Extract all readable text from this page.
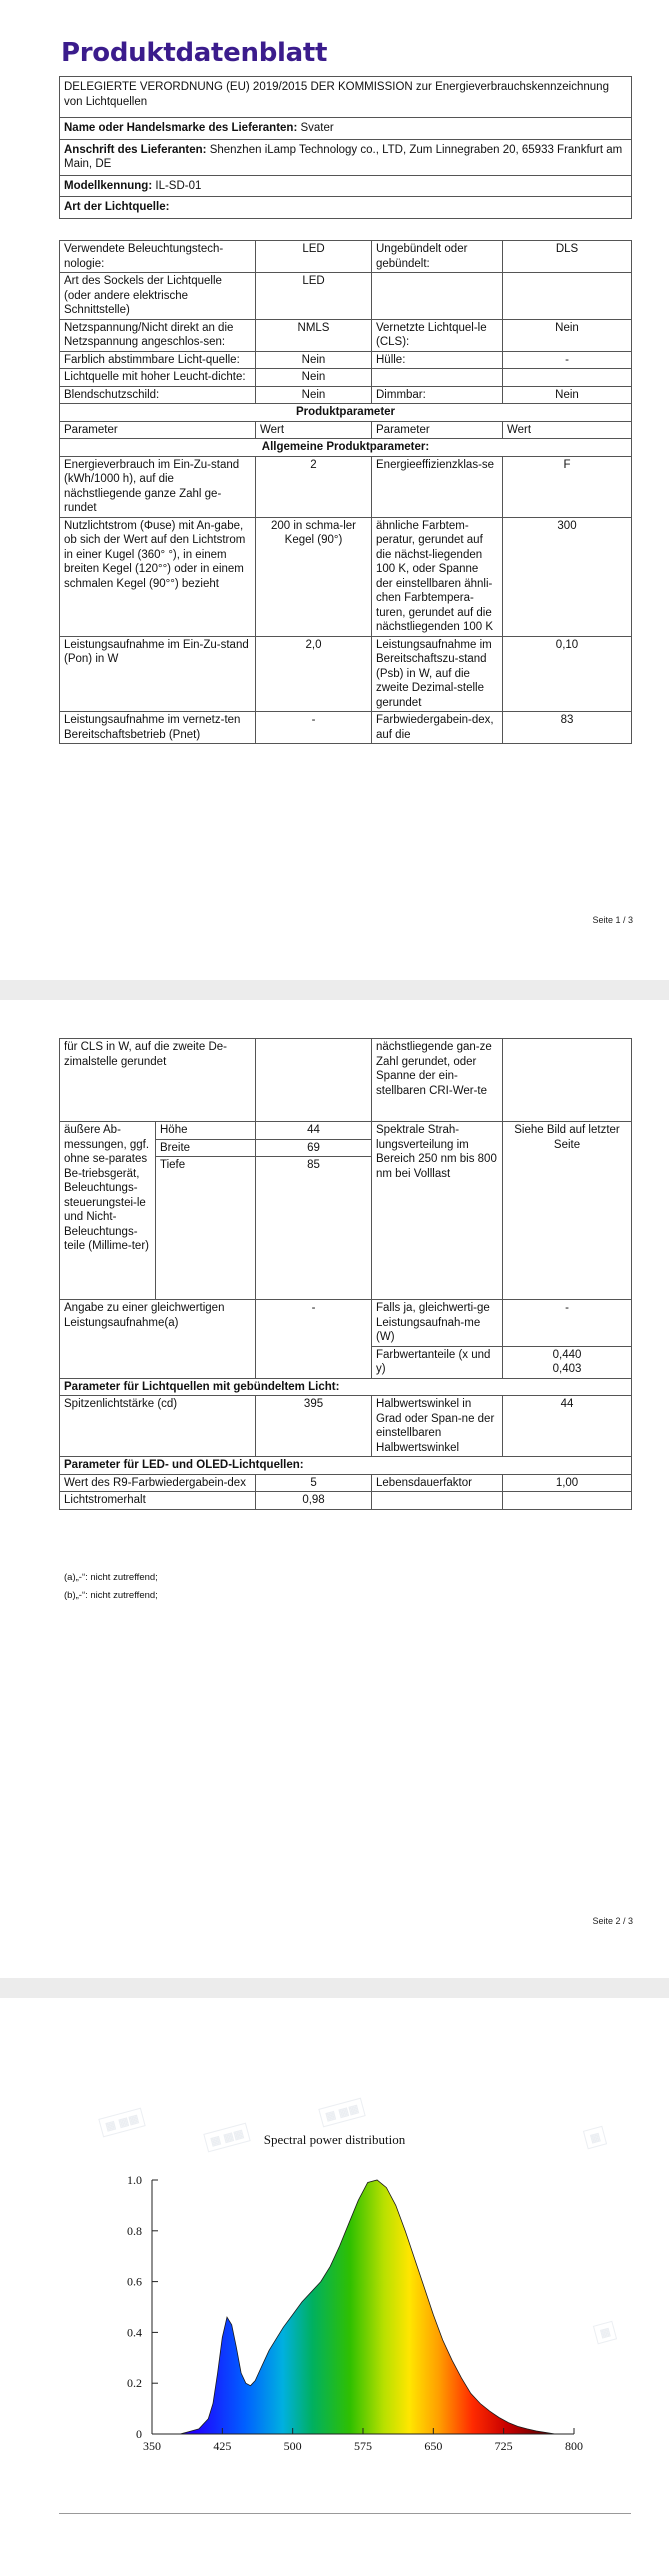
Produktdatenblatt
DELEGIERTE VERORDNUNG (EU) 2019/2015 DER KOMMISSION zur Energieverbrauchskennzeichnung von Lichtquellen
Name oder Handelsmarke des Lieferanten: Svater
Anschrift des Lieferanten: Shenzhen iLamp Technology co., LTD, Zum Linnegraben 20, 65933 Frankfurt am Main, DE
Modellkennung: IL-SD-01
Art der Lichtquelle:
Verwendete Beleuchtungstech-nologie:	LED	Ungebündelt oder gebündelt:	DLS
Art des Sockels der Lichtquelle (oder andere elektrische Schnittstelle)	LED		
Netzspannung/Nicht direkt an die Netzspannung angeschlos-sen:	NMLS	Vernetzte Lichtquel-le (CLS):	Nein
Farblich abstimmbare Licht-quelle:	Nein	Hülle:	-
Lichtquelle mit hoher Leucht-dichte:	Nein		
Blendschutzschild:	Nein	Dimmbar:	Nein
Produktparameter			
Parameter	Wert	Parameter	Wert
Allgemeine Produktparameter:			
Energieverbrauch im Ein-Zu-stand (kWh/1000 h), auf die nächstliegende ganze Zahl ge-rundet	2	Energieeffizienzklas-se	F
Nutzlichtstrom (Φuse) mit An-gabe, ob sich der Wert auf den Lichtstrom in einer Kugel (360° °), in einem breiten Kegel (120°°) oder in einem schmalen Kegel (90°°) bezieht	200 in schma-ler Kegel (90°)	ähnliche Farbtem-peratur, gerundet auf die nächst-liegenden 100 K, oder Spanne der einstellbaren ähnli-chen Farbtempera-turen, gerundet auf die nächstliegenden 100 K	300
Leistungsaufnahme im Ein-Zu-stand (Pon) in W	2,0	Leistungsaufnahme im Bereitschaftszu-stand (Psb) in W, auf die zweite Dezimal-stelle gerundet	0,10
Leistungsaufnahme im vernetz-ten Bereitschaftsbetrieb (Pnet)	-	Farbwiedergabein-dex, auf die	83
Seite 1 / 3
für CLS in W, auf die zweite De-zimalstelle gerundet			nächstliegende gan-ze Zahl gerundet, oder Spanne der ein-stellbaren CRI-Wer-te	
äußere Ab-messungen, ggf. ohne se-parates Be-triebsgerät, Beleuchtungs-steuerungstei-le und Nicht-Beleuchtungs-teile (Millime-ter)	Höhe	44	Spektrale Strah-lungsverteilung im Bereich 250 nm bis 800 nm bei Volllast	Siehe Bild auf letzter Seite
	Breite	69		
	Tiefe	85		
Angabe zu einer gleichwertigen Leistungsaufnahme(a)		-	Falls ja, gleichwerti-ge Leistungsaufnah-me (W)	-
			Farbwertanteile (x und y)	0,440
0,403

Parameter für Lichtquellen mit gebündeltem Licht:				
Spitzenlichtstärke (cd)		395	Halbwertswinkel in Grad oder Span-ne der einstellbaren Halbwertswinkel	44
Parameter für LED- und OLED-Lichtquellen:				
Wert des R9-Farbwiedergabein-dex		5	Lebensdauerfaktor	1,00
Lichtstromerhalt		0,98		
(a)„-“: nicht zutreffend;
(b)„-“: nicht zutreffend;
Seite 2 / 3
▦ ▦▦
▦ ▦▦
▦ ▦▦
▦
▦
Spectral power distribution
0
0.2
0.4
0.6
0.8
1.0
350	425	500	575	650	725	800
